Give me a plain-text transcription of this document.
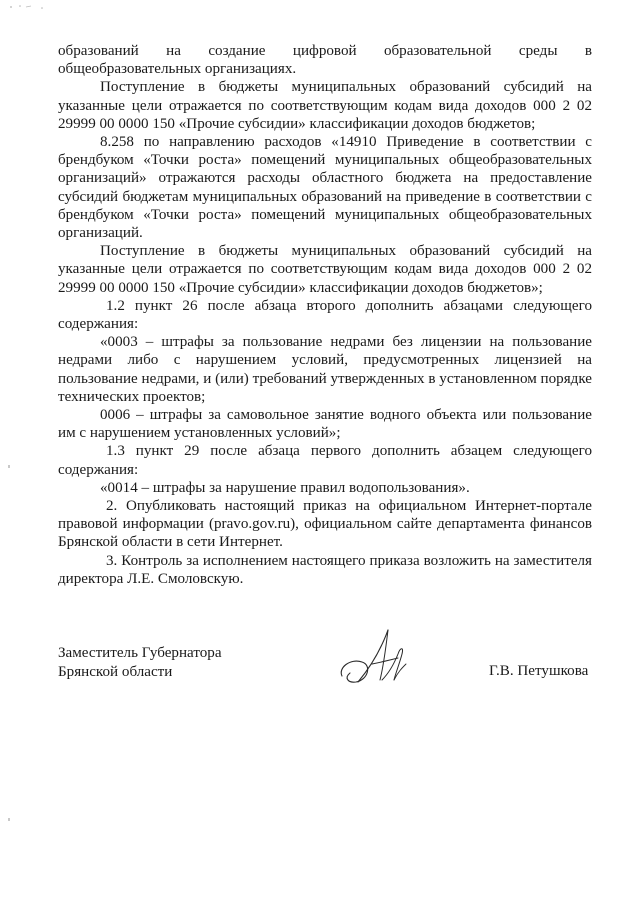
образований на создание цифровой образовательной среды в общеобразовательных организациях.

Поступление в бюджеты муниципальных образований субсидий на указанные цели отражается по соответствующим кодам вида доходов 000 2 02 29999 00 0000 150 «Прочие субсидии» классификации доходов бюджетов;

8.258 по направлению расходов «14910 Приведение в соответствии с брендбуком «Точки роста» помещений муниципальных общеобразовательных организаций» отражаются расходы областного бюджета на предоставление субсидий бюджетам муниципальных образований на приведение в соответствии с брендбуком «Точки роста» помещений муниципальных общеобразовательных организаций.

Поступление в бюджеты муниципальных образований субсидий на указанные цели отражается по соответствующим кодам вида доходов 000 2 02 29999 00 0000 150 «Прочие субсидии» классификации доходов бюджетов»;

1.2 пункт 26 после абзаца второго дополнить абзацами следующего содержания:

«0003 – штрафы за пользование недрами без лицензии на пользование недрами либо с нарушением условий, предусмотренных лицензией на пользование недрами, и (или) требований утвержденных в установленном порядке технических проектов;

0006 – штрафы за самовольное занятие водного объекта или пользование им с нарушением установленных условий»;

1.3 пункт 29 после абзаца первого дополнить абзацем следующего содержания:

«0014 – штрафы за нарушение правил водопользования».

2. Опубликовать настоящий приказ на официальном Интернет-портале правовой информации (pravo.gov.ru), официальном сайте департамента финансов Брянской области в сети Интернет.

3. Контроль за исполнением настоящего приказа возложить на заместителя директора Л.Е. Смоловскую.

Заместитель Губернатора
Брянской области	Г.В. Петушкова
